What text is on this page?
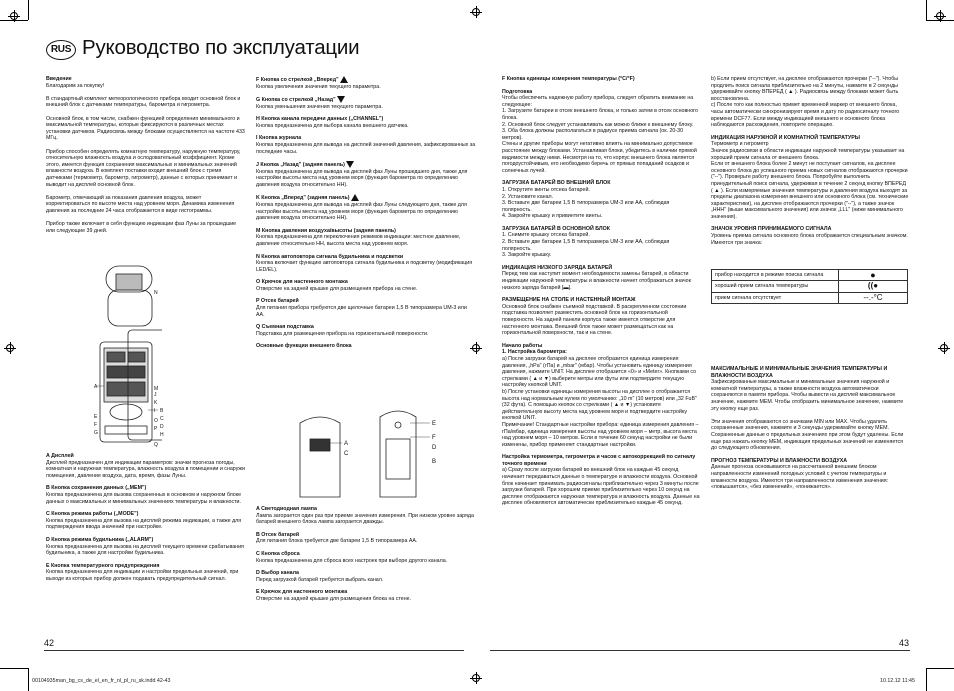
RUS Руководство по эксплуатации

Введение
Благодарим за покупку!

В стандартный комплект метеорологического прибора входит основной блок и внешний блок с датчиками температуры, барометра и гигрометра.

Основной блок, в том числе, снабжен функцией определения минимального и максимальной температуры, которые фиксируются в различных местах установки датчиков. Радиосвязь между блоками осуществляется на частоте 433 МГц.

Прибор способен определять комнатную температуру, наружную температуру, относительную влажность воздуха и ослодовательный коэффициент. Кроме этого, имеется функция сохранения максимальных и минимальных значений влажности воздуха. В комплект поставки входит внешний блок с тремя датчиками (термометр, барометр, гигрометр), данные с которых принимает и выводит на дисплей основной блок.

Барометр, отвечающий за показания давления воздуха, может корректироваться по высоте места над уровнем моря. Динамика изменения давления за последние 24 часа отображается в виде гистограммы.

Прибор также включает в себя функцию индикации фаз Луны за прошедшие или следующие 39 дней.

A
E
F
G
B
C
D
H
N
M
J
K
I
O
P
Q

A Дисплей
Дисплей предназначен для индикации параметров: значки прогноза погоды, комнатная и наружная температура, влажность воздуха в помещении и снаружи помещения, давление воздуха, дата, время, фазы Луны.

B Кнопка сохранения данных („MEM")
Кнопка предназначена для вызова сохраненных в основном и наружном блоке данных о максимальных и минимальных значениях температуры и влажности.

C Кнопка режима работы („MODE")
Кнопка предназначена для вызова на дисплей режима индикации, а также для подтверждения ввода значений при настройке.

D Кнопка режима будильника („ALARM")
Кнопка предназначена для вызова на дисплей текущего времени срабатывания будильника, а также для настройки будильника.

E Кнопка температурного предупреждения
Кнопка предназначена для индикации и настройки предельных значений, при выходе из которых прибор должен подавать предупредительный сигнал.

F Кнопка со стрелкой „Вперед"
Кнопка увеличения значения текущего параметра.

G Кнопка со стрелкой „Назад"
Кнопка уменьшения значения текущего параметра.

H Кнопка канала передачи данных („CHANNEL")
Кнопка предназначена для выбора канала внешнего датчика.

I Кнопка журнала
Кнопка предназначена для вывода на дисплей значений давления, зафиксированных за последние часы.

J Кнопка „Назад" (задняя панель)
Кнопка предназначена для вывода на дисплей фаз Луны прошедшего дня, также для настройки высоты места над уровнем моря (функция барометра по определению давления воздуха относительно НН).

K Кнопка „Вперед" (задняя панель)
Кнопка предназначена для вывода на дисплей фаз Луны следующего дня, также для настройки высоты места над уровнем моря (функция барометра по определению давления воздуха относительно НН).

M Кнопка давления воздуха/высоты (задняя панель)
Кнопка предназначена для переключения режимов индикации: местное давление, давление относительно НН, высота места над уровнем моря.

N Кнопка автоповтора сигнала будильника и подсветки
Кнопка включает функцию автоповтора сигнала будильника и подсветку (модификация LED/EL).

O Крючок для настенного монтажа
Отверстие на задней крышке для размещения прибора на стене.

P Отсек батарей
Для питания прибора требуются две щелочные батареи 1,5 В типоразмера UM-3 или АА.

Q Съемная подставка
Подставка для размещения прибора на горизонтальной поверхности.

Основные функции внешнего блока

A
C
E
F
D
B

A Светодиодная лампа
Лампа загорается один раз при приеме значения измерения. При низком уровне заряда батарей внешнего блока лампа загорается дважды.

B Отсек батарей
Для питания блока требуется две батареи 1,5 В типоразмера АА.

C Кнопка сброса
Кнопка предназначена для сброса всех настроек при выборе другого канала.

D Выбор канала
Перед загрузкой батарей требуется выбрать канал.

E Крючок для настенного монтажа
Отверстие на задней крышке для размещения блока на стене.

F Кнопка единицы измерения температуры (°C/°F)

Подготовка
Чтобы обеспечить надежную работу прибора, следует обратить внимание на следующее:
1. Загрузите батареи в отсек внешнего блока, и только затем в отсек основного блока.
2. Основной блок следует устанавливать как можно ближе к внешнему блоку.
3. Оба блока должны располагаться в радиусе приема сигнала (ок. 20-30 метров).
Стены и другие приборы могут негативно влиять на минимально допустимое расстояние между блоками. Устанавливая блоки, убедитесь в наличии прямой видимости между ними. Несмотря на то, что корпус внешнего блока является погодоустойчивым, его необходимо беречь от прямых попаданий осадков и солнечных лучей.

ЗАГРУЗКА БАТАРЕЙ ВО ВНЕШНИЙ БЛОК
1. Открутите винты отсека батарей.
2. Установите канал.
3. Вставьте две батареи 1,5 В типоразмера UM-3 или АА, соблюдая полярность.
4. Закройте крышку и привинтите винты.

ЗАГРУЗКА БАТАРЕЙ В ОСНОВНОЙ БЛОК
1. Снимите крышку отсека батарей.
2. Вставьте две батареи 1,5 В типоразмера UM-3 или АА, соблюдая полярность.
3. Закройте крышку.

ИНДИКАЦИЯ НИЗКОГО ЗАРЯДА БАТАРЕЙ
Перед тем как наступит момент необходимости замены батарей, в области индикации наружной температуры и влажности начнет отображаться значок низкого заряда батарей [▬].

РАЗМЕЩЕНИЕ НА СТОЛЕ И НАСТЕННЫЙ МОНТАЖ
Основной блок снабжен съемной подставкой. В раскрепленном состоянии подставка позволяет разместить основной блок на горизонтальной поверхности. На задней панели корпуса также имеется отверстие для настенного монтажа. Внешний блок также может размещаться как на горизонтальной поверхности, так и на стене.

Начало работы
1. Настройка барометра:
a) После загрузки батарей на дисплее отобразится единица измерения давления, „hPa" (гПа) и „mbar" (мбар). Чтобы установить единицу измерения давления, нажмите UNIT. На дисплее отобразится «0» и «Meter». Кнопками со стрелками ( ▲ и ▼) выберите метры или футы или подтвердите текущую настройку кнопкой UNIT.
b) После установки единицы измерения высоты на дисплее о отображается высота над нормальным нулем по умолчанию: „10 m" (10 метров) или „32 FuB" (32 фута). С помощью кнопок со стрелками ( ▲ и ▼) установите действительную высоту места над уровнем моря и подтвердите настройку кнопкой UNIT.
Примечание! Стандартные настройки прибора: единица измерения давления – гПа/мбар, единица измерения высоты над уровнем моря – метр, высота места над уровнем моря – 10 метров. Если в течение 60 секунд настройки не были изменены, прибор применяет стандартные настройки.

Настройка термометра, гигрометра и часов с автокоррекцией по сигналу точного времени
a) Сразу после загрузки батарей во внешний блок на каждые 45 секунд начинает передаваться данные о температуре и влажности воздуха. Основной блок начинает принимать радиосигналы приблизительно через 3 минуты после загрузки батарей. При хорошем приеме приблизительно через 10 секунд на дисплее отображаются наружная температура и влажность воздуха. Данные на дисплее обновляются автоматически приблизительно каждые 45 секунд.

b) Если прием отсутствует, на дисплее отображаются прочерки ("--"). Чтобы продлить поиск сигнала приблизительно на 2 минуты, нажмите в 2 секунды удерживайте кнопку ВПЕРЕД ( ▲ ). Радиосвязь между блоками может быть восстановлена.
c) После того как полностью примет временной маркер от внешнего блока, часы автоматически синхронизируют время и дату по радиосигналу точного времени DCF77. Если между индикацией внешнего и основного блока наблюдаются расхождения, повторите операцию.

ИНДИКАЦИЯ НАРУЖНОЙ И КОМНАТНОЙ ТЕМПЕРАТУРЫ
Термометр и гигрометр
Значок радиосвязи в области индикации наружной температуры указывает на хороший прием сигнала от внешнего блока.
Если от внешнего блока более 2 минут не поступает сигналов, на дисплее основного блока до успешного приема новых сигналов отображаются прочерки ("--"). Проверьте работу внешнего блока. Попробуйте выполнить принудительный поиск сигнала, удерживая в течение 2 секунд кнопку ВПЕРЕД ( ▲ ). Если измеряемые значения температуры и давления воздуха выходят за пределы диапазона измерения внешнего или основного блока (см. технические характеристики), на дисплее отображаются прочерки ("--"), а также значок „HHH" (выше максимального значения) или значок „LLL" (ниже минимального значения).

ЗНАЧОК УРОВНЯ ПРИНИМАЕМОГО СИГНАЛА
Уровень приема сигнала основного блока отображается специальным значком. Имеются три значка:

прибор находится в режиме поиска сигнала	●
хороший прием сигнала температуры	((●
прием сигнала отсутствует	--.-°C

МАКСИМАЛЬНЫЕ И МИНИМАЛЬНЫЕ ЗНАЧЕНИЯ ТЕМПЕРАТУРЫ И ВЛАЖНОСТИ ВОЗДУХА
Зафиксированные максимальные и минимальные значения наружной и комнатной температуры, а также влажности воздуха автоматически сохраняются в памяти прибора. Чтобы вывести на дисплей максимальное значение, нажмите MEM. Чтобы отобразить минимальное значение, нажмите эту кнопку еще раз.

Эти значения отображаются со значками MIN или MAX. Чтобы удалить сохраненные значения, нажмите и 3 секунды удерживайте кнопку MEM. Сохраненные данные о предельных значениях при этом будут удалены. Если еще раз нажать кнопку MEM, индикация предельных значений не изменяется до следующего обновления.

ПРОГНОЗ ТЕМПЕРАТУРЫ И ВЛАЖНОСТИ ВОЗДУХА
Данные прогноза основываются на рассчитанной внешним блоком направленности изменений погодных условий с учетом температуры и влажности воздуха. Имеются три направленности изменения значения: «повышается», «без изменений», «понижается».

42	43
00104935man_bg_cs_de_el_en_fr_nl_pl_ru_sk.indd 42-43	10.12.12 11:45
